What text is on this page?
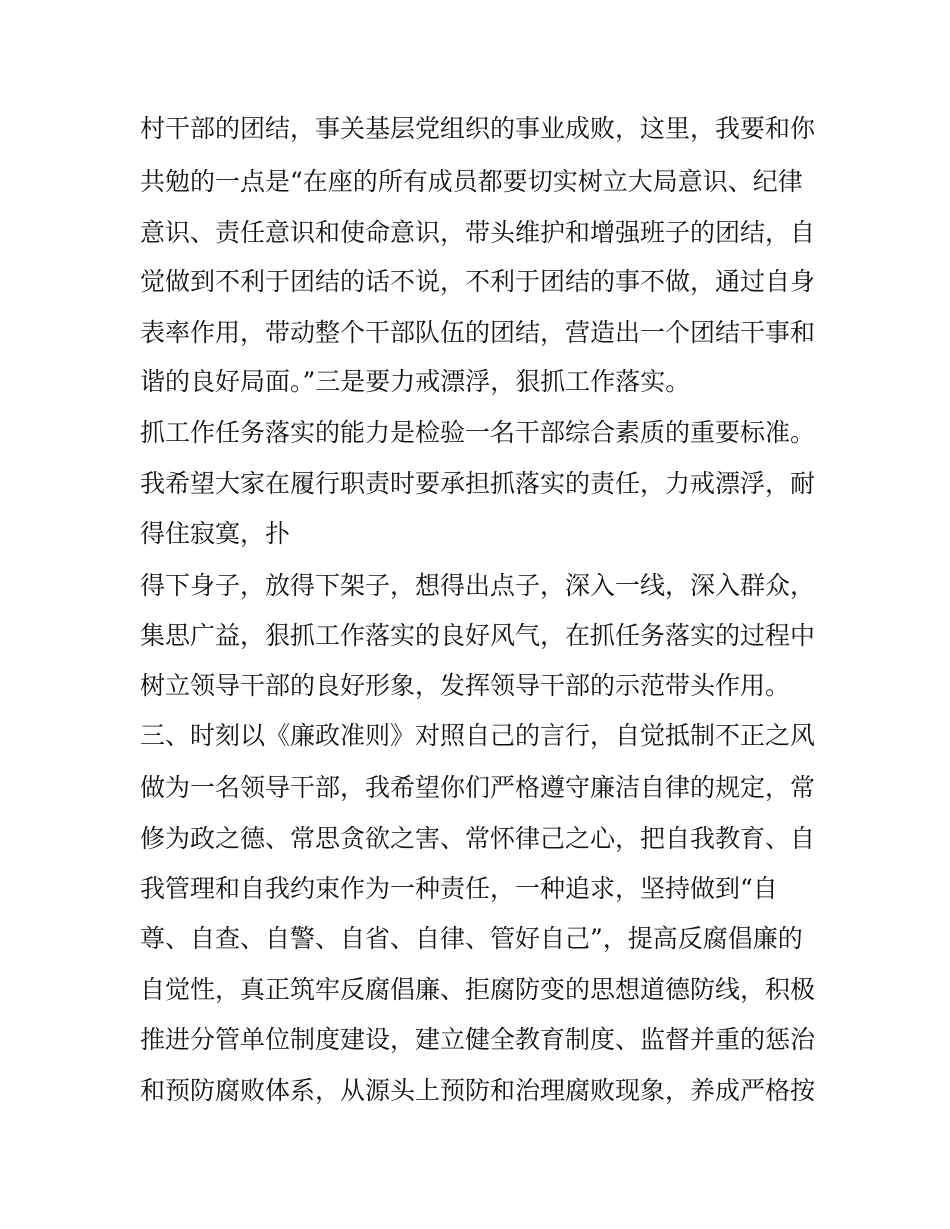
村干部的团结，事关基层党组织的事业成败，这里，我要和你
共勉的一点是“在座的所有成员都要切实树立大局意识、纪律
意识、责任意识和使命意识，带头维护和增强班子的团结，自
觉做到不利于团结的话不说，不利于团结的事不做，通过自身
表率作用，带动整个干部队伍的团结，营造出一个团结干事和
谐的良好局面。”三是要力戒漂浮，狠抓工作落实。
抓工作任务落实的能力是检验一名干部综合素质的重要标准。
我希望大家在履行职责时要承担抓落实的责任，力戒漂浮，耐
得住寂寞，扑
得下身子，放得下架子，想得出点子，深入一线，深入群众，
集思广益，狠抓工作落实的良好风气，在抓任务落实的过程中
树立领导干部的良好形象，发挥领导干部的示范带头作用。
三、时刻以《廉政准则》对照自己的言行，自觉抵制不正之风
做为一名领导干部，我希望你们严格遵守廉洁自律的规定，常
修为政之德、常思贪欲之害、常怀律己之心，把自我教育、自
我管理和自我约束作为一种责任，一种追求，坚持做到“自
尊、自查、自警、自省、自律、管好自己”，提高反腐倡廉的
自觉性，真正筑牢反腐倡廉、拒腐防变的思想道德防线，积极
推进分管单位制度建设，建立健全教育制度、监督并重的惩治
和预防腐败体系，从源头上预防和治理腐败现象，养成严格按
